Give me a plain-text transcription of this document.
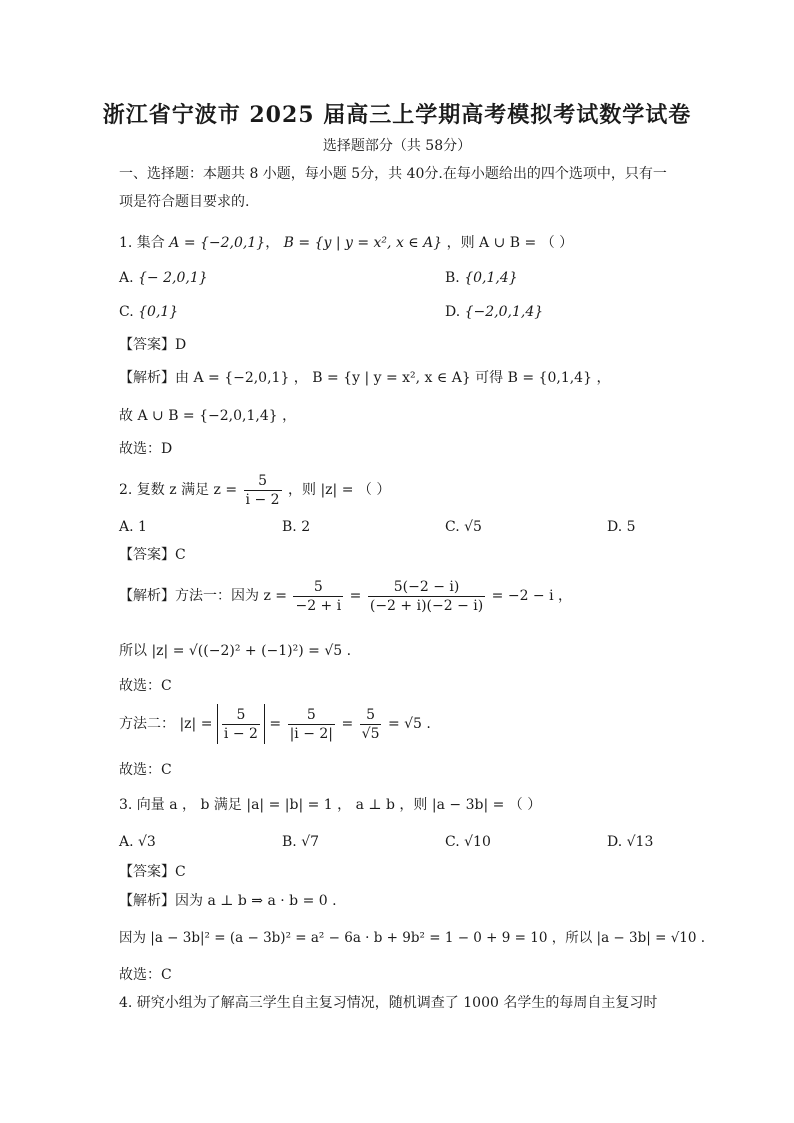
浙江省宁波市 2025 届高三上学期高考模拟考试数学试卷
选择题部分（共 58分）
一、选择题：本题共 8 小题，每小题 5分，共 40分.在每小题给出的四个选项中，只有一
项是符合题目要求的.
1. 集合 A = {−2,0,1}， B = {y | y = x², x ∈ A} ，则 A ∪ B = （ ）
A. {− 2,0,1}	B. {0,1,4}
C. {0,1}	D. {−2,0,1,4}
【答案】D
【解析】由 A = {−2,0,1} ， B = {y | y = x², x ∈ A} 可得 B = {0,1,4} ，
故 A ∪ B = {−2,0,1,4} ，
故选：D
2. 复数 z 满足 $z = \frac{5}{i - 2}$ ，则 |z| = （ ）
A. 1	B. 2	C. √5	D. 5
【答案】C
【解析】方法一：因为 $z = \frac{5}{-2 + i} = \frac{5(-2 - i)}{(-2 + i)(-2 - i)} = -2 - i$ ，
所以 |z| = √((−2)² + (−1)²) = √5 .
故选：C
方法二： $|z| = \frac{5}{i - 2} = \frac{5}{|i - 2|} = \frac{5}{√5} = √5$ .
故选：C
3. 向量 a ， b 满足 |a| = |b| = 1 ， a ⊥ b ，则 |a − 3b| = （ ）
A. √3	B. √7	C. √10	D. √13
【答案】C
【解析】因为 a ⊥ b ⇒ a · b = 0 .
因为 |a − 3b|² = (a − 3b)² = a² − 6a · b + 9b² = 1 − 0 + 9 = 10 ，所以 |a − 3b| = √10 .
故选：C
4. 研究小组为了解高三学生自主复习情况，随机调查了 1000 名学生的每周自主复习时
